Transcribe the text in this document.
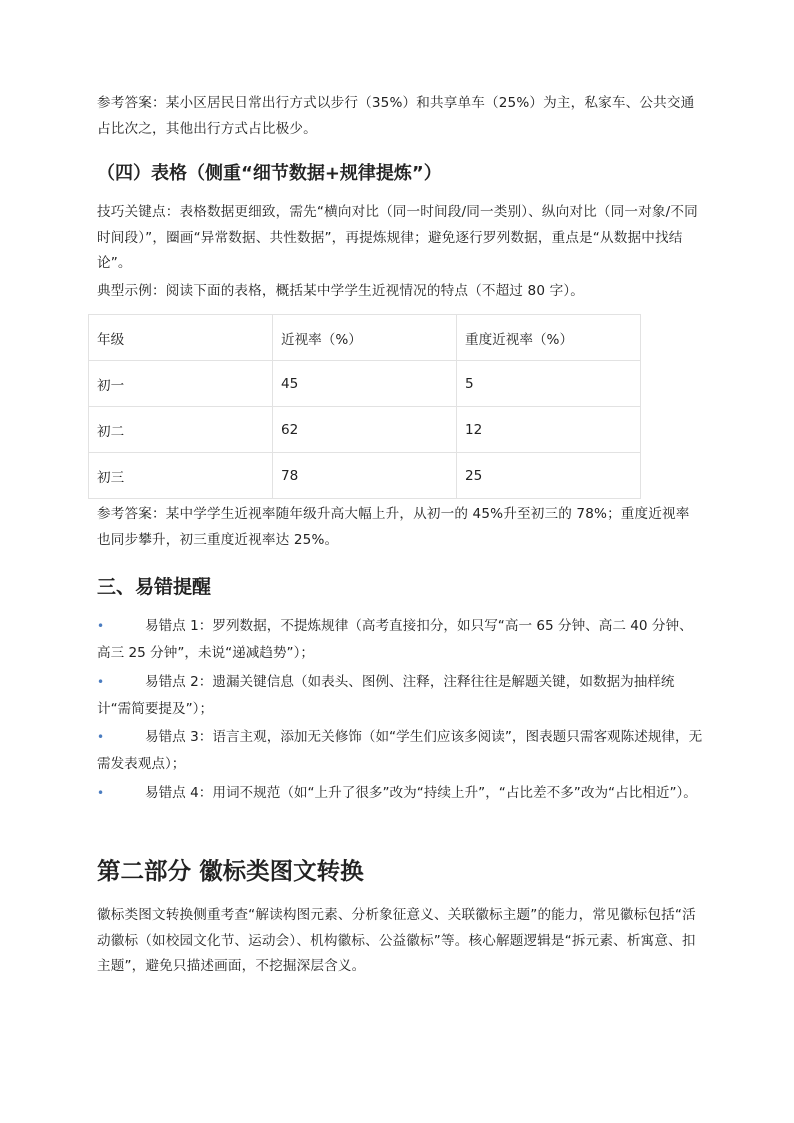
参考答案：某小区居民日常出行方式以步行（35%）和共享单车（25%）为主，私家车、公共交通占比次之，其他出行方式占比极少。

（四）表格（侧重“细节数据+规律提炼”）

技巧关键点：表格数据更细致，需先“横向对比（同一时间段/同一类别）、纵向对比（同一对象/不同时间段）”，圈画“异常数据、共性数据”，再提炼规律；避免逐行罗列数据，重点是“从数据中找结论”。

典型示例：阅读下面的表格，概括某中学学生近视情况的特点（不超过 80 字）。

年级	近视率（%）	重度近视率（%）
初一	45	5
初二	62	12
初三	78	25

参考答案：某中学学生近视率随年级升高大幅上升，从初一的 45%升至初三的 78%；重度近视率也同步攀升，初三重度近视率达 25%。

三、易错提醒
•	易错点 1：罗列数据，不提炼规律（高考直接扣分，如只写“高一 65 分钟、高二 40 分钟、高三 25 分钟”，未说“递减趋势”）；
•	易错点 2：遗漏关键信息（如表头、图例、注释，注释往往是解题关键，如数据为抽样统计“需简要提及”）；
•	易错点 3：语言主观，添加无关修饰（如“学生们应该多阅读”，图表题只需客观陈述规律，无需发表观点）；
•	易错点 4：用词不规范（如“上升了很多”改为“持续上升”，“占比差不多”改为“占比相近”）。
第二部分 徽标类图文转换

徽标类图文转换侧重考查“解读构图元素、分析象征意义、关联徽标主题”的能力，常见徽标包括“活动徽标（如校园文化节、运动会）、机构徽标、公益徽标”等。核心解题逻辑是“拆元素、析寓意、扣主题”，避免只描述画面，不挖掘深层含义。
